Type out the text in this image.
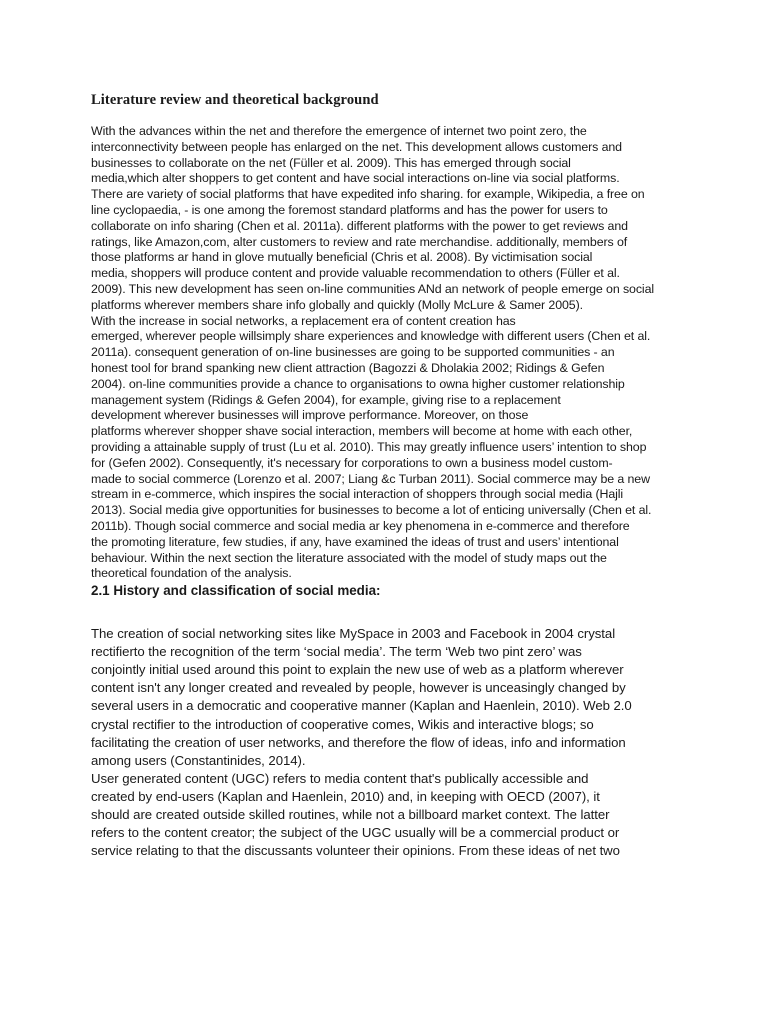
Literature review and theoretical background
With the advances within the net and therefore the emergence of internet two point zero, the
interconnectivity between people has enlarged on the net. This development allows customers and
businesses to collaborate on the net (Füller et al. 2009). This has emerged through social
media,which alter shoppers to get content and have social interactions on-line via social platforms.
There are variety of social platforms that have expedited info sharing. for example, Wikipedia, a free on
line cyclopaedia, - is one among the foremost standard platforms and has the power for users to
collaborate on info sharing (Chen et al. 2011a). different platforms with the power to get reviews and
ratings, like Amazon,com, alter customers to review and rate merchandise. additionally, members of
those platforms ar hand in glove mutually beneficial (Chris et al. 2008). By victimisation social
media, shoppers will produce content and provide valuable recommendation to others (Füller et al.
2009). This new development has seen on-line communities ANd an network of people emerge on social
platforms wherever members share info globally and quickly (Molly McLure & Samer 2005).
With the increase in social networks, a replacement era of content creation has
emerged, wherever people willsimply share experiences and knowledge with different users (Chen et al.
2011a). consequent generation of on-line businesses are going to be supported communities - an
honest tool for brand spanking new client attraction (Bagozzi & Dholakia 2002; Ridings & Gefen
2004). on-line communities provide a chance to organisations to owna higher customer relationship
management system (Ridings & Gefen 2004), for example, giving rise to a replacement
development wherever businesses will improve performance. Moreover, on those
platforms wherever shopper shave social interaction, members will become at home with each other,
providing a attainable supply of trust (Lu et al. 2010). This may greatly influence users’ intention to shop
for (Gefen 2002). Consequently, it's necessary for corporations to own a business model custom-
made to social commerce (Lorenzo et al. 2007; Liang &c Turban 2011). Social commerce may be a new
stream in e-commerce, which inspires the social interaction of shoppers through social media (Hajli
2013). Social media give opportunities for businesses to become a lot of enticing universally (Chen et al.
2011b). Though social commerce and social media ar key phenomena in e-commerce and therefore
the promoting literature, few studies, if any, have examined the ideas of trust and users’ intentional
behaviour. Within the next section the literature associated with the model of study maps out the
theoretical foundation of the analysis.
2.1 History and classification of social media:
The creation of social networking sites like MySpace in 2003 and Facebook in 2004 crystal
rectifierto the recognition of the term ‘social media’. The term ‘Web two pint zero’ was
conjointly initial used around this point to explain the new use of web as a platform wherever
content isn't any longer created and revealed by people, however is unceasingly changed by
several users in a democratic and cooperative manner (Kaplan and Haenlein, 2010). Web 2.0
crystal rectifier to the introduction of cooperative comes, Wikis and interactive blogs; so
facilitating the creation of user networks, and therefore the flow of ideas, info and information
among users (Constantinides, 2014).
User generated content (UGC) refers to media content that's publically accessible and
created by end-users (Kaplan and Haenlein, 2010) and, in keeping with OECD (2007), it
should are created outside skilled routines, while not a billboard market context. The latter
refers to the content creator; the subject of the UGC usually will be a commercial product or
service relating to that the discussants volunteer their opinions. From these ideas of net two
